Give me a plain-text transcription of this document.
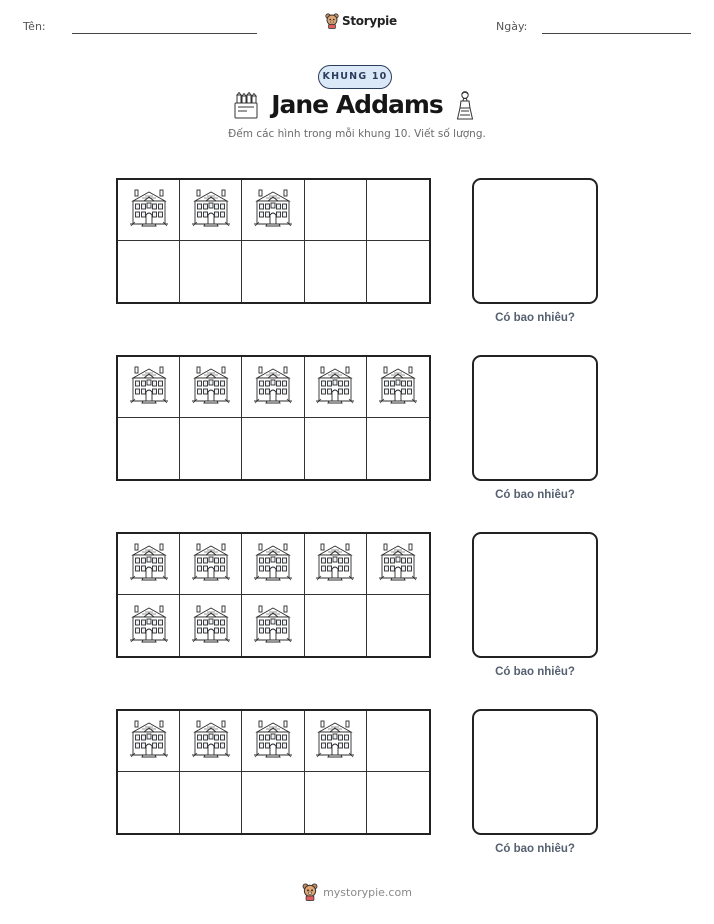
Tên:	Storypie	Ngày:
KHUNG 10
Jane Addams
Đếm các hình trong mỗi khung 10. Viết số lượng.
Có bao nhiêu?
Có bao nhiêu?
Có bao nhiêu?
Có bao nhiêu?
mystorypie.com
